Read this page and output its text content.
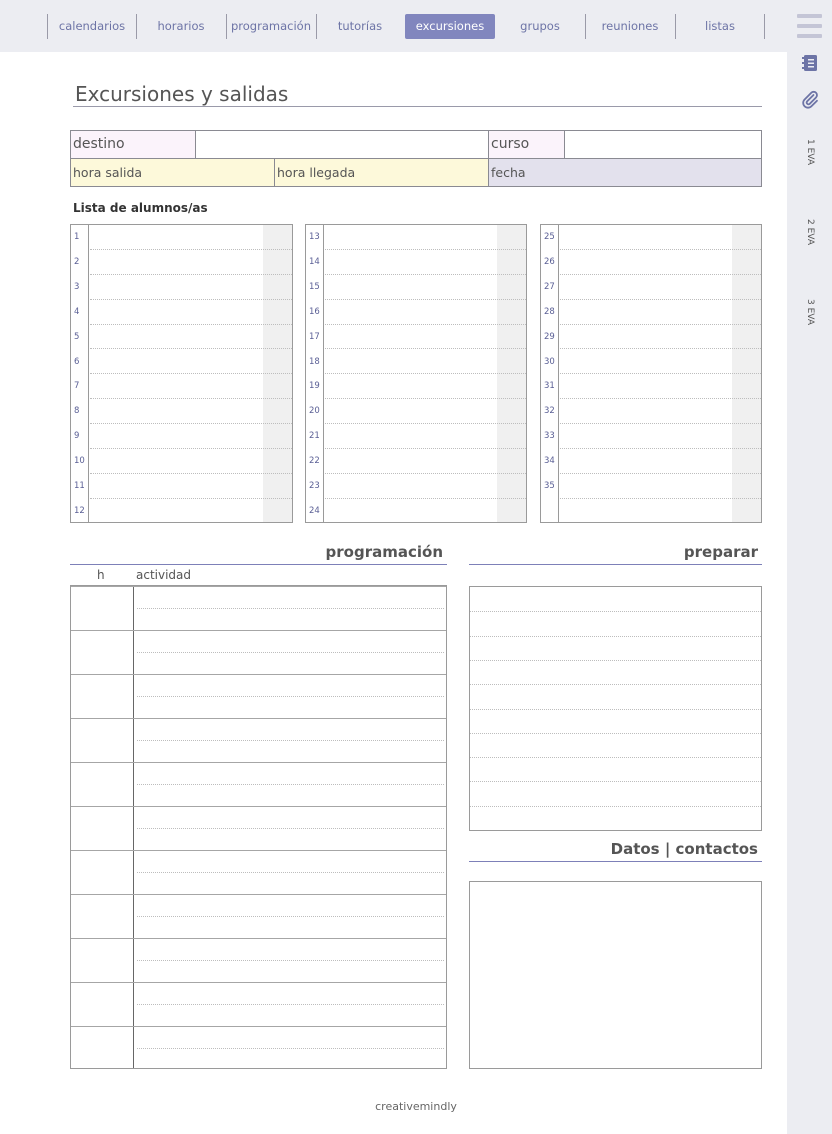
calendarios	horarios	programación	tutorías	excursiones	grupos	reuniones	listas
1 EVA
2 EVA
3 EVA
Excursiones y salidas
destino	curso
hora salida	hora llegada	fecha
Lista de alumnos/as
1
2
3
4
5
6
7
8
9
10
11
12
13
14
15
16
17
18
19
20
21
22
23
24
25
26
27
28
29
30
31
32
33
34
35
programación
h	actividad
preparar
Datos | contactos
creativemindly
